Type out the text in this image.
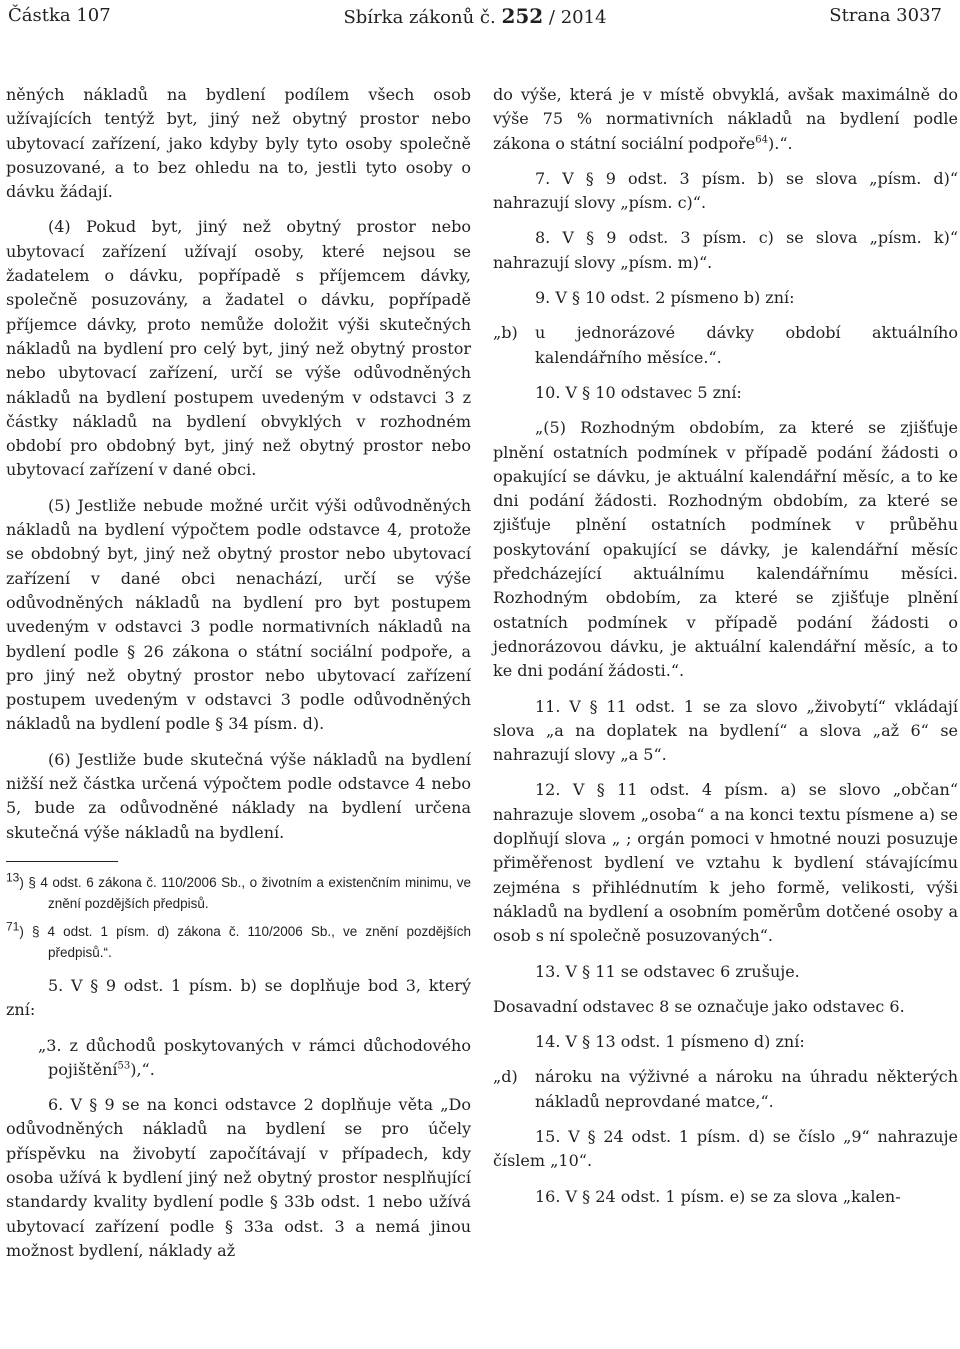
Částka 107	Sbírka zákonů č. 252 / 2014	Strana 3037

něných nákladů na bydlení podílem všech osob užívajících tentýž byt, jiný než obytný prostor nebo ubytovací zařízení, jako kdyby byly tyto osoby společně posuzované, a to bez ohledu na to, jestli tyto osoby o dávku žádají.

(4) Pokud byt, jiný než obytný prostor nebo ubytovací zařízení užívají osoby, které nejsou se žadatelem o dávku, popřípadě s příjemcem dávky, společně posuzovány, a žadatel o dávku, popřípadě příjemce dávky, proto nemůže doložit výši skutečných nákladů na bydlení pro celý byt, jiný než obytný prostor nebo ubytovací zařízení, určí se výše odůvodněných nákladů na bydlení postupem uvedeným v odstavci 3 z částky nákladů na bydlení obvyklých v rozhodném období pro obdobný byt, jiný než obytný prostor nebo ubytovací zařízení v dané obci.

(5) Jestliže nebude možné určit výši odůvodněných nákladů na bydlení výpočtem podle odstavce 4, protože se obdobný byt, jiný než obytný prostor nebo ubytovací zařízení v dané obci nenachází, určí se výše odůvodněných nákladů na bydlení pro byt postupem uvedeným v odstavci 3 podle normativních nákladů na bydlení podle § 26 zákona o státní sociální podpoře, a pro jiný než obytný prostor nebo ubytovací zařízení postupem uvedeným v odstavci 3 podle odůvodněných nákladů na bydlení podle § 34 písm. d).

(6) Jestliže bude skutečná výše nákladů na bydlení nižší než částka určená výpočtem podle odstavce 4 nebo 5, bude za odůvodněné náklady na bydlení určena skutečná výše nákladů na bydlení.

$^{13}$) § 4 odst. 6 zákona č. 110/2006 Sb., o životním a existenčním minimu, ve znění pozdějších předpisů.

$^{71}$) § 4 odst. 1 písm. d) zákona č. 110/2006 Sb., ve znění pozdějších předpisů.“.

5. V § 9 odst. 1 písm. b) se doplňuje bod 3, který zní:

„3. z důchodů poskytovaných v rámci důchodového pojištění$^{53}$),“.

6. V § 9 se na konci odstavce 2 doplňuje věta „Do odůvodněných nákladů na bydlení se pro účely příspěvku na živobytí započítávají v případech, kdy osoba užívá k bydlení jiný než obytný prostor nesplňující standardy kvality bydlení podle § 33b odst. 1 nebo užívá ubytovací zařízení podle § 33a odst. 3 a nemá jinou možnost bydlení, náklady až

do výše, která je v místě obvyklá, avšak maximálně do výše 75 % normativních nákladů na bydlení podle zákona o státní sociální podpoře$^{64}$).“.

7. V § 9 odst. 3 písm. b) se slova „písm. d)“ nahrazují slovy „písm. c)“.

8. V § 9 odst. 3 písm. c) se slova „písm. k)“ nahrazují slovy „písm. m)“.

9. V § 10 odst. 2 písmeno b) zní:

„b)	u jednorázové dávky období aktuálního kalendářního měsíce.“.

10. V § 10 odstavec 5 zní:

„(5) Rozhodným obdobím, za které se zjišťuje plnění ostatních podmínek v případě podání žádosti o opakující se dávku, je aktuální kalendářní měsíc, a to ke dni podání žádosti. Rozhodným obdobím, za které se zjišťuje plnění ostatních podmínek v průběhu poskytování opakující se dávky, je kalendářní měsíc předcházející aktuálnímu kalendářnímu měsíci. Rozhodným obdobím, za které se zjišťuje plnění ostatních podmínek v případě podání žádosti o jednorázovou dávku, je aktuální kalendářní měsíc, a to ke dni podání žádosti.“.

11. V § 11 odst. 1 se za slovo „živobytí“ vkládají slova „a na doplatek na bydlení“ a slova „až 6“ se nahrazují slovy „a 5“.

12. V § 11 odst. 4 písm. a) se slovo „občan“ nahrazuje slovem „osoba“ a na konci textu písmene a) se doplňují slova „ ; orgán pomoci v hmotné nouzi posuzuje přiměřenost bydlení ve vztahu k bydlení stávajícímu zejména s přihlédnutím k jeho formě, velikosti, výši nákladů na bydlení a osobním poměrům dotčené osoby a osob s ní společně posuzovaných“.

13. V § 11 se odstavec 6 zrušuje.

Dosavadní odstavec 8 se označuje jako odstavec 6.

14. V § 13 odst. 1 písmeno d) zní:

„d)	nároku na výživné a nároku na úhradu některých nákladů neprovdané matce,“.

15. V § 24 odst. 1 písm. d) se číslo „9“ nahrazuje číslem „10“.

16. V § 24 odst. 1 písm. e) se za slova „kalen-
